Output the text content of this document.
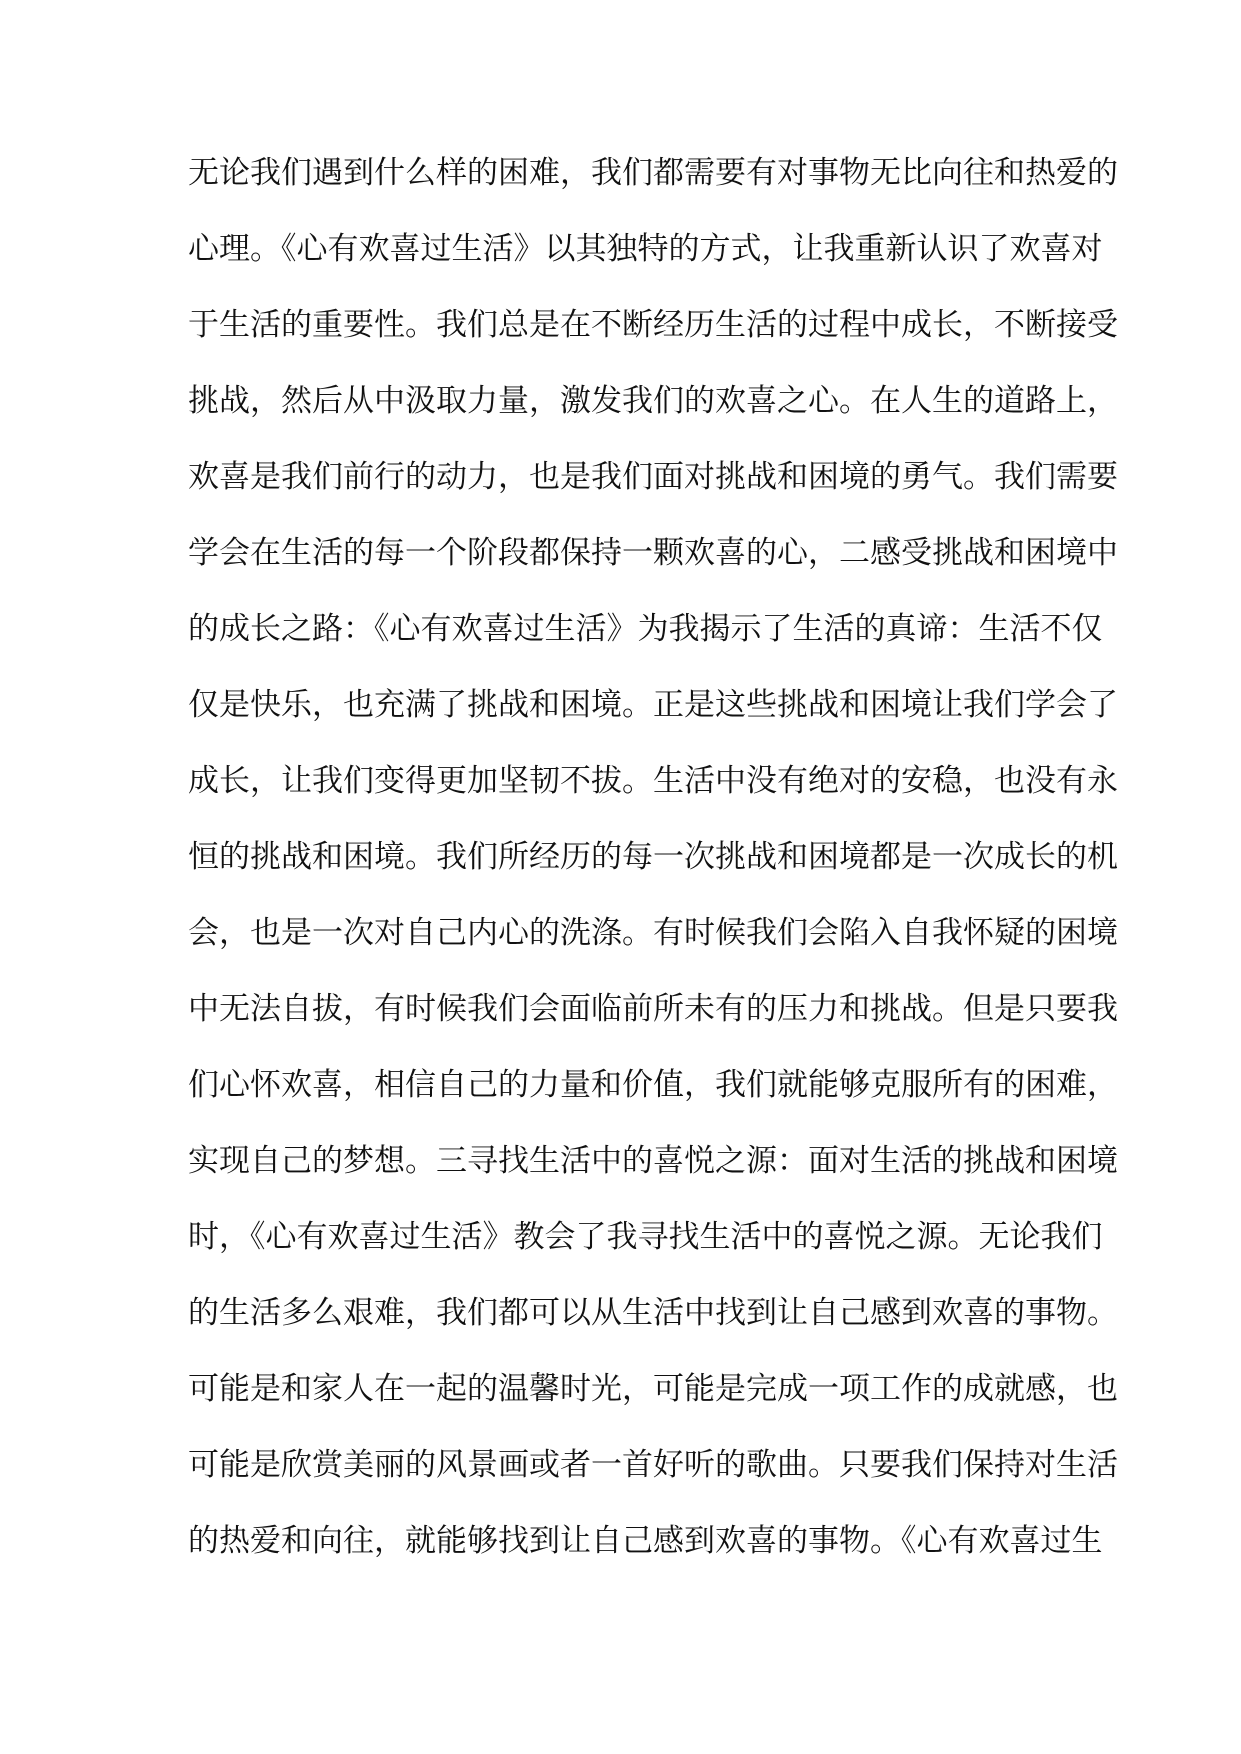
无论我们遇到什么样的困难，我们都需要有对事物无比向往和热爱的
心理。《心有欢喜过生活》以其独特的方式，让我重新认识了欢喜对
于生活的重要性。我们总是在不断经历生活的过程中成长，不断接受
挑战，然后从中汲取力量，激发我们的欢喜之心。在人生的道路上，
欢喜是我们前行的动力，也是我们面对挑战和困境的勇气。我们需要
学会在生活的每一个阶段都保持一颗欢喜的心，二感受挑战和困境中
的成长之路：《心有欢喜过生活》为我揭示了生活的真谛：生活不仅
仅是快乐，也充满了挑战和困境。正是这些挑战和困境让我们学会了
成长，让我们变得更加坚韧不拔。生活中没有绝对的安稳，也没有永
恒的挑战和困境。我们所经历的每一次挑战和困境都是一次成长的机
会，也是一次对自己内心的洗涤。有时候我们会陷入自我怀疑的困境
中无法自拔，有时候我们会面临前所未有的压力和挑战。但是只要我
们心怀欢喜，相信自己的力量和价值，我们就能够克服所有的困难，
实现自己的梦想。三寻找生活中的喜悦之源：面对生活的挑战和困境
时，《心有欢喜过生活》教会了我寻找生活中的喜悦之源。无论我们
的生活多么艰难，我们都可以从生活中找到让自己感到欢喜的事物。
可能是和家人在一起的温馨时光，可能是完成一项工作的成就感，也
可能是欣赏美丽的风景画或者一首好听的歌曲。只要我们保持对生活
的热爱和向往，就能够找到让自己感到欢喜的事物。《心有欢喜过生
